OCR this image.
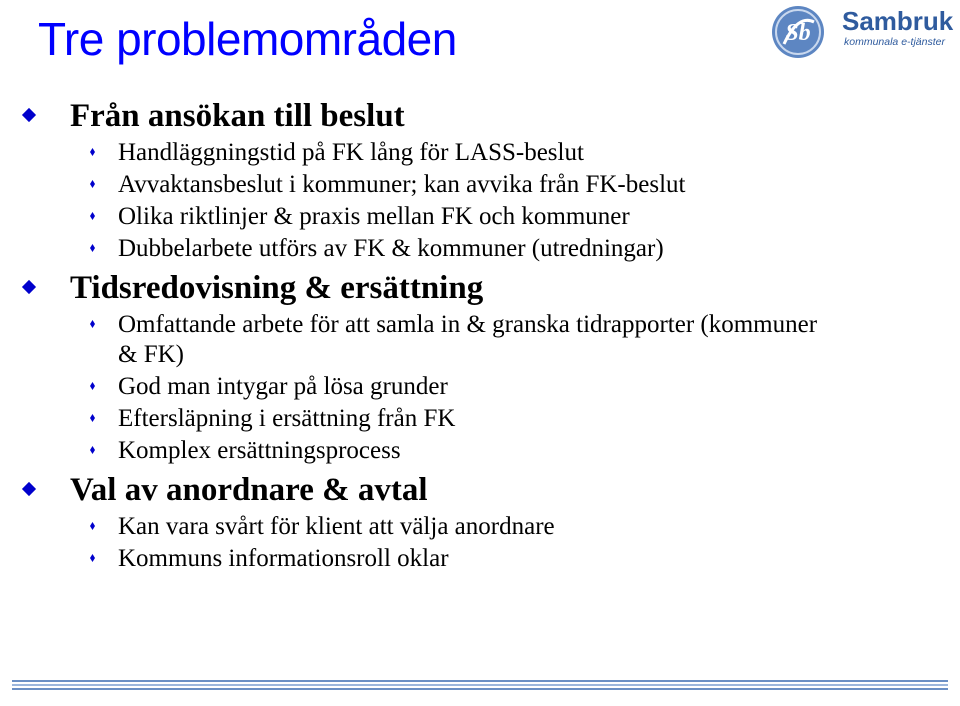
Tre problemområden	Sb Sambruk
kommunala e-tjänster
Från ansökan till beslut
Handläggningstid på FK lång för LASS-beslut
Avvaktansbeslut i kommuner; kan avvika från FK-beslut
Olika riktlinjer & praxis mellan FK och kommuner
Dubbelarbete utförs av FK & kommuner (utredningar)
Tidsredovisning & ersättning
Omfattande arbete för att samla in & granska tidrapporter (kommuner & FK)
God man intygar på lösa grunder
Eftersläpning i ersättning från FK
Komplex ersättningsprocess
Val av anordnare & avtal
Kan vara svårt för klient att välja anordnare
Kommuns informationsroll oklar
